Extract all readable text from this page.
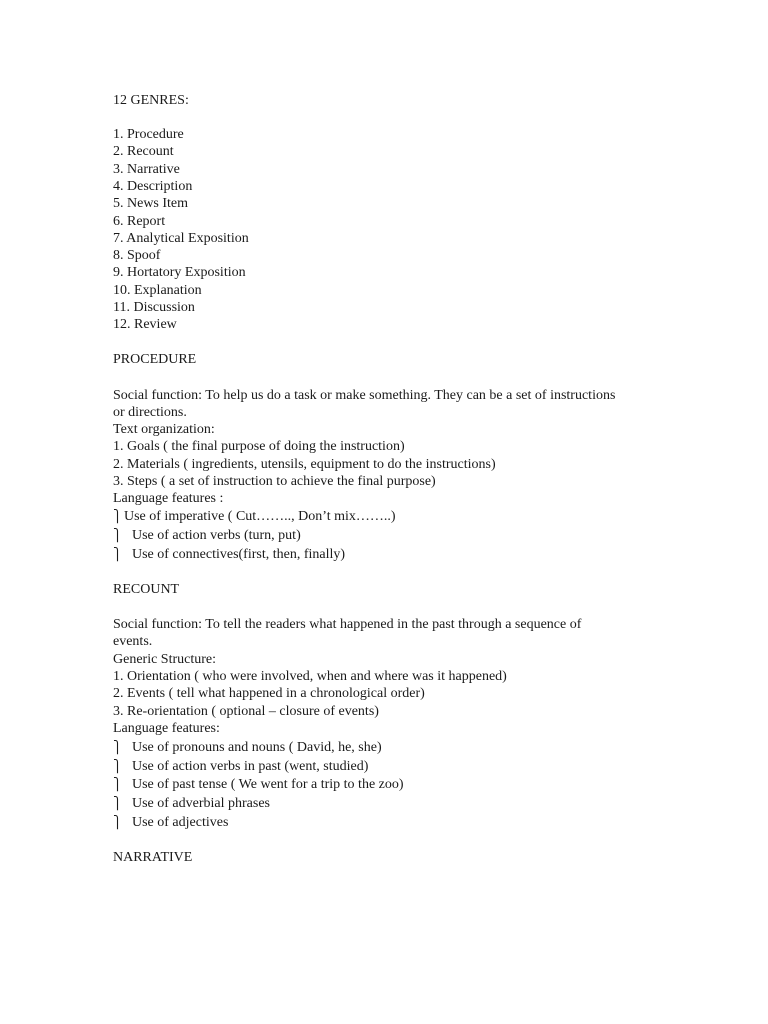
12 GENRES:
1. Procedure
2. Recount
3. Narrative
4. Description
5. News Item
6. Report
7. Analytical Exposition
8. Spoof
9. Hortatory Exposition
10. Explanation
11. Discussion
12. Review
PROCEDURE
Social function: To help us do a task or make something. They can be a set of instructions
or directions.
Text organization:
1. Goals ( the final purpose of doing the instruction)
2. Materials ( ingredients, utensils, equipment to do the instructions)
3. Steps ( a set of instruction to achieve the final purpose)
Language features :
⎫ Use of imperative ( Cut…….., Don’t mix……..)
⎫ Use of action verbs (turn, put)
⎫ Use of connectives(first, then, finally)
RECOUNT
Social function: To tell the readers what happened in the past through a sequence of
events.
Generic Structure:
1. Orientation ( who were involved, when and where was it happened)
2. Events ( tell what happened in a chronological order)
3. Re-orientation ( optional – closure of events)
Language features:
⎫ Use of pronouns and nouns ( David, he, she)
⎫ Use of action verbs in past (went, studied)
⎫ Use of past tense ( We went for a trip to the zoo)
⎫ Use of adverbial phrases
⎫ Use of adjectives
NARRATIVE
